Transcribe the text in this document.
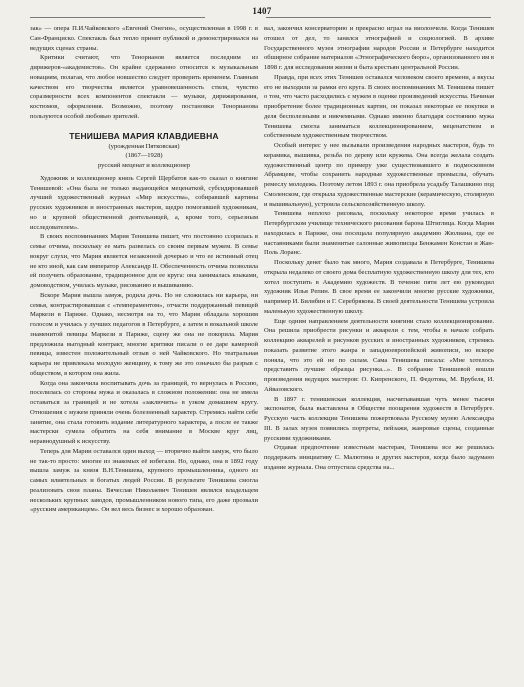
1407

зак» — опера П.И.Чайковского «Евгений Онегин», осуществленная в 1998 г. в Сан-Франциско. Спектакль был тепло принят публикой и демонстрировался на ведущих сценах страны.

Критики считают, что Тенорианов является последним из дирижеров-«академистов». Он крайне сдержанно относится к музыкальным новациям, полагая, что любое новшество следует проверить временем. Главным качеством его творчества является уравновешенность стиля, чувство соразмерности всех компонентов спектакля — музыки, дирижирования, костюмов, оформления. Возможно, поэтому постановки Тенорианова пользуются особой любовью зрителей.

ТЕНИШЕВА МАРИЯ КЛАВДИЕВНА
(урожденная Пятковская)
(1867—1928)
русский меценат и коллекционер

Художник и коллекционер князь Сергей Щербатов как-то сказал о княгине Тенишевой: «Она была не только выдающейся меценаткой, субсидировавшей лучший художественный журнал «Мир искусства», собиравшей картины русских художников и иностранных мастеров, щедро помогавшей художникам, но и крупной общественной деятельницей, а, кроме того, серьезным исследователем».

В своих воспоминаниях Мария Тенишева пишет, что постоянно ссорилась в семье отчима, поскольку ее мать развелась со своим первым мужем. В семье вокруг слухи, что Мария является незаконной дочерью и что ее истинный отец не кто иной, как сам император Александр II. Обеспеченность отчима позволила ей получить образование, традиционное для ее круга: она занималась языками, домоводством, училась музыке, рисованию и вышиванию.

Вскоре Мария вышла замуж, родила дочь. Но не сложилась ни карьера, ни семья, контрастировавшая с «темпераментом», отчасти поддержанный певицей Маркези в Париже. Однако, несмотря на то, что Мария обладала хорошим голосом и училась у лучших педагогов в Петербурге, а затем в вокальной школе знаменитой певицы Маркези в Париже, сцену же она не покорила. Мария предложила выгодный контракт, многие критики писали о ее даре камерной певицы, известен положительный отзыв о ней Чайковского. Но театральная карьера не привлекала молодую женщину, к тому же это означало бы разрыв с обществом, в котором она жила.

Когда она закончила воспитывать дочь за границей, то вернулась в Россию, поселилась со стороны мужа и оказалась в сложном положении: она не имела оставаться за границей и не хотела «заключить» в узком домашнем кругу. Отношения с мужем приняли очень болезненный характер. Стремясь найти себе занятие, она стала готовить издание литературного характера, а после ее также мастерски сумела обратить на себя внимание в Москве круг лиц, неравнодушный к искусству.

Теперь для Марии оставался один выход — вторично выйти замуж, что было не так-то просто: многие из знакомых её избегали. Но, однако, она в 1892 году вышла замуж за князя В.Н.Тенишева, крупного промышленника, одного из самых влиятельных и богатых людей России. В результате Тенишева смогла реализовать свои планы. Вячеслав Николаевич Тенишев являлся владельцем нескольких крупных заводов, промышленником нового типа, его даже прозвали «русским американцем». Он вел весь бизнес и хорошо образован.

вал, закончил консерваторию и прекрасно играл на виолончели. Когда Тенишев отошел от дел, то занялся этнографией и социологией. В архиве Государственного музея этнографии народов России и Петербурге находится обширное собрание материалов «Этнографического бюро», организованного им в 1898 г. для исследования жизни и быта крестьян центральной России.

Правда, при всех этих Тенишев оставался человеком своего времени, а вкусы его не выходили за рамки его круга. В своих воспоминаниях М. Тенишева пишет о том, что часто расходились с мужем в оценке произведений искусства. Начиная приобретение более традиционных картин, он показал некоторые ее покупки и деля бесполезными и никчемными. Однако именно благодаря состоянию мужа Тенишева смогла заниматься коллекционированием, меценатством и собственным художественным творчеством.

Особый интерес у нее вызывали произведения народных мастеров, будь то керамика, вышивка, резьба по дереву или кружева. Она всегда желала создать художественный центр по примеру уже существовавшего в подмосковном Абрамцеве, чтобы сохранить народные художественные промыслы, обучать ремеслу молодежь. Поэтому летом 1893 г. она приобрела усадьбу Талашкино под Смоленском, где открыла художественные мастерские (керамическую, столярную и вышивальную), устроила сельскохозяйственную школу.

Тенишева неплохо рисовала, поскольку некоторое время училась в Петербургском училище технического рисования барона Штиглица. Когда Мария находилась в Париже, она посещала популярную академию Жюлиана, где ее наставниками были знаменитые салонные живописцы Бенжамен Констан и Жан-Поль Лоранс.

Поскольку денег было так много, Мария создавала в Петербурге, Тенишева открыла недалеко от своего дома бесплатную художественную школу для тех, кто хотел поступить в Академию художеств. В течение пяти лет ею руководил художник Илья Репин. В свое время ее закончили многие русские художники, например И. Билибин и Г. Серебрякова. В своей деятельности Тенишева устроила маленькую художественную школу.

Еще одним направлением деятельности княгини стало коллекционирование. Она решила приобрести рисунки и акварели с тем, чтобы в начале собрать коллекцию акварелей и рисунков русских и иностранных художников, стремясь показать развитие этого жанра в западноевропейской живописи, но вскоре поняла, что это ей не по силам. Сама Тенишева писала: «Мне хотелось представить лучшие образцы рисунка...». В собрание Тенишевой вошли произведения ведущих мастеров: О. Кипренского, П. Федотова, М. Врубеля, И. Айвазовского.

В 1897 г. тенишевская коллекция, насчитывавшая чуть менее тысячи экспонатов, была выставлена в Обществе поощрения художеств в Петербурге. Русскую часть коллекции Тенишева пожертвовала Русскому музею Александра III. В залах музея появились портреты, пейзажи, жанровые сцены, созданные русскими художниками.

Отдавая предпочтение известным мастерам, Тенишева все же решилась поддержать инициативу С. Малютина и других мастеров, когда было задумано издание журнала. Она отпустила средства на...
